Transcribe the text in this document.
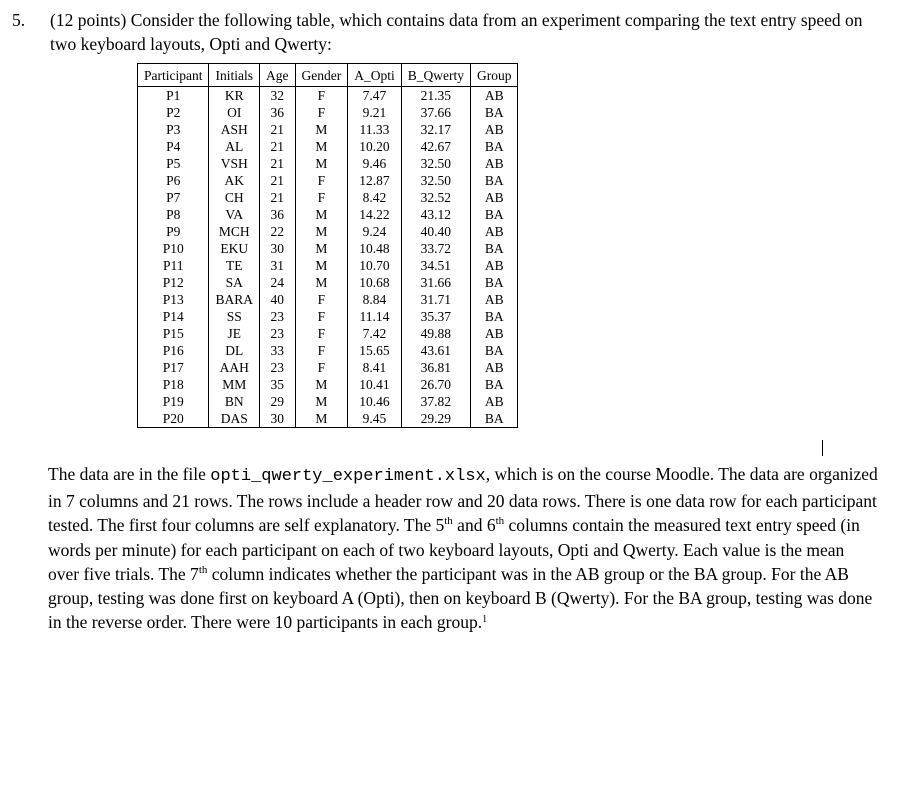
5. (12 points) Consider the following table, which contains data from an experiment comparing the text entry speed on two keyboard layouts, Opti and Qwerty:
Participant	Initials	Age	Gender	A_Opti	B_Qwerty	Group
P1	KR	32	F	7.47	21.35	AB
P2	OI	36	F	9.21	37.66	BA
P3	ASH	21	M	11.33	32.17	AB
P4	AL	21	M	10.20	42.67	BA
P5	VSH	21	M	9.46	32.50	AB
P6	AK	21	F	12.87	32.50	BA
P7	CH	21	F	8.42	32.52	AB
P8	VA	36	M	14.22	43.12	BA
P9	MCH	22	M	9.24	40.40	AB
P10	EKU	30	M	10.48	33.72	BA
P11	TE	31	M	10.70	34.51	AB
P12	SA	24	M	10.68	31.66	BA
P13	BARA	40	F	8.84	31.71	AB
P14	SS	23	F	11.14	35.37	BA
P15	JE	23	F	7.42	49.88	AB
P16	DL	33	F	15.65	43.61	BA
P17	AAH	23	F	8.41	36.81	AB
P18	MM	35	M	10.41	26.70	BA
P19	BN	29	M	10.46	37.82	AB
P20	DAS	30	M	9.45	29.29	BA
The data are in the file opti_qwerty_experiment.xlsx, which is on the course Moodle. The data are organized in 7 columns and 21 rows. The rows include a header row and 20 data rows. There is one data row for each participant tested. The first four columns are self explanatory. The 5th and 6th columns contain the measured text entry speed (in words per minute) for each participant on each of two keyboard layouts, Opti and Qwerty. Each value is the mean over five trials. The 7th column indicates whether the participant was in the AB group or the BA group. For the AB group, testing was done first on keyboard A (Opti), then on keyboard B (Qwerty). For the BA group, testing was done in the reverse order. There were 10 participants in each group.$^1$
